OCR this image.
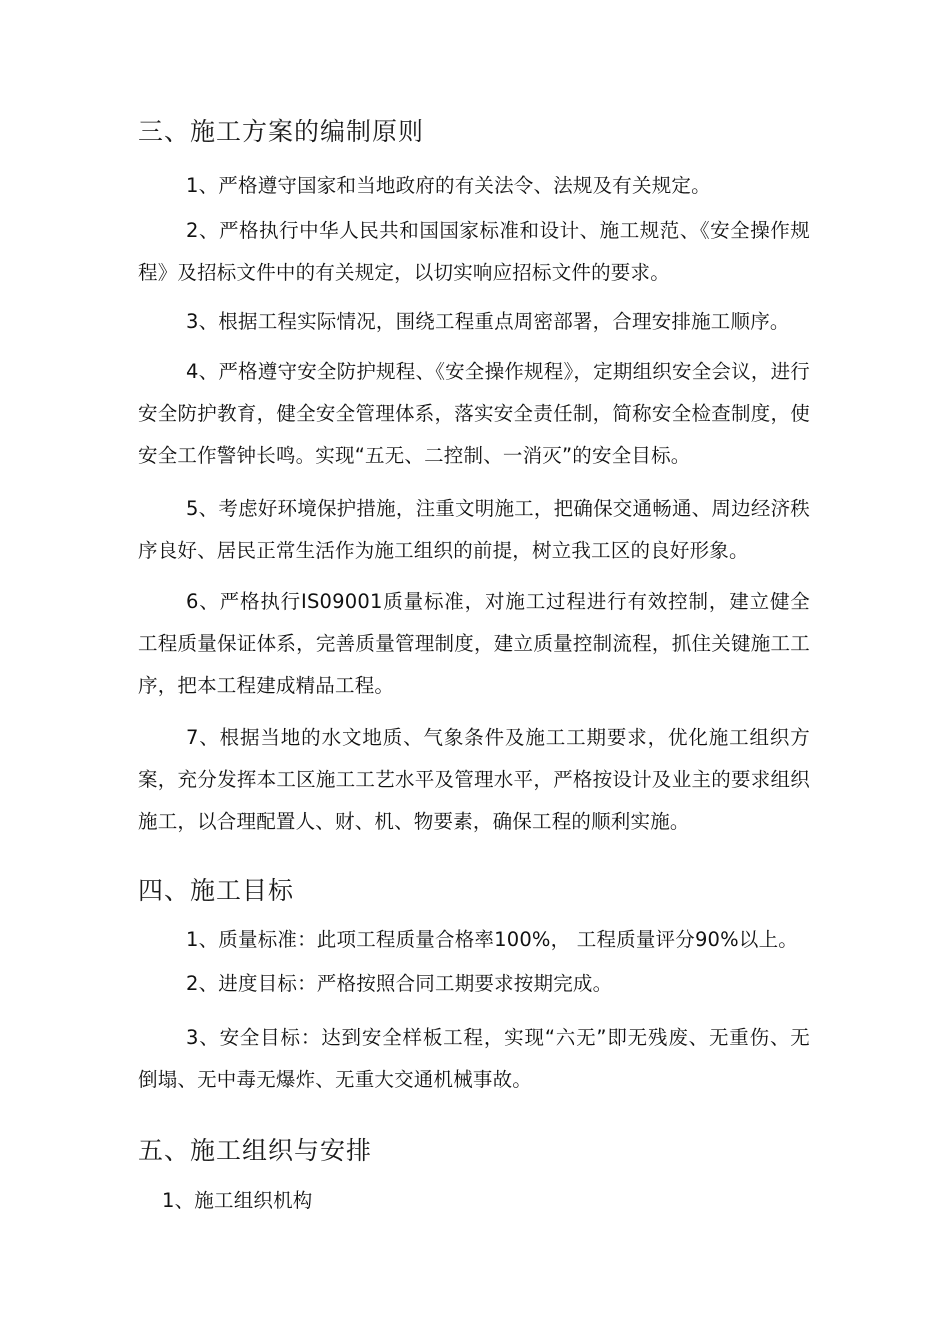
三、施工方案的编制原则

1、严格遵守国家和当地政府的有关法令、法规及有关规定。

2、严格执行中华人民共和国国家标准和设计、施工规范、《安全操作规程》及招标文件中的有关规定，以切实响应招标文件的要求。

3、根据工程实际情况，围绕工程重点周密部署，合理安排施工顺序。

4、严格遵守安全防护规程、《安全操作规程》，定期组织安全会议，进行安全防护教育，健全安全管理体系，落实安全责任制，简称安全检查制度，使安全工作警钟长鸣。实现“五无、二控制、一消灭”的安全目标。

5、考虑好环境保护措施，注重文明施工，把确保交通畅通、周边经济秩序良好、居民正常生活作为施工组织的前提，树立我工区的良好形象。

6、严格执行IS09001质量标准，对施工过程进行有效控制，建立健全工程质量保证体系，完善质量管理制度，建立质量控制流程，抓住关键施工工序，把本工程建成精品工程。

7、根据当地的水文地质、气象条件及施工工期要求，优化施工组织方案，充分发挥本工区施工工艺水平及管理水平，严格按设计及业主的要求组织施工，以合理配置人、财、机、物要素，确保工程的顺利实施。

四、施工目标

1、质量标准：此项工程质量合格率100%， 工程质量评分90%以上。

2、进度目标：严格按照合同工期要求按期完成。

3、安全目标：达到安全样板工程，实现“六无”即无残废、无重伤、无倒塌、无中毒无爆炸、无重大交通机械事故。

五、施工组织与安排

1、施工组织机构
